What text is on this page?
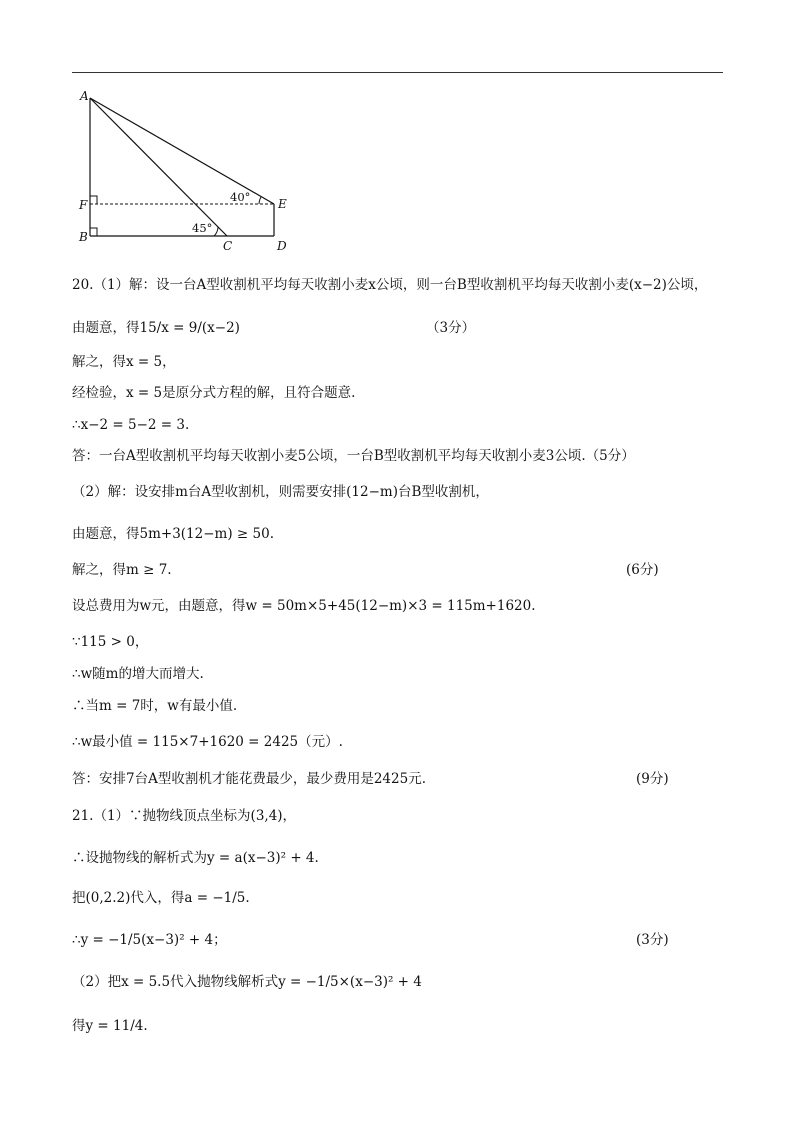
A
F
B
C	D
E
40°
45°
20.（1）解：设一台A型收割机平均每天收割小麦x公顷，则一台B型收割机平均每天收割小麦(x−2)公顷，
由题意，得15/x = 9/(x−2)	（3分）
解之，得x = 5，
经检验，x = 5是原分式方程的解，且符合题意.
∴x−2 = 5−2 = 3.
答：一台A型收割机平均每天收割小麦5公顷，一台B型收割机平均每天收割小麦3公顷.（5分）
（2）解：设安排m台A型收割机，则需要安排(12−m)台B型收割机，
由题意，得5m+3(12−m) ≥ 50.
解之，得m ≥ 7.	(6分)
设总费用为w元，由题意，得w = 50m×5+45(12−m)×3 = 115m+1620.
∵115 > 0，
∴w随m的增大而增大.
∴当m = 7时，w有最小值.
∴w最小值 = 115×7+1620 = 2425（元）.
答：安排7台A型收割机才能花费最少，最少费用是2425元.	(9分)
21.（1）∵抛物线顶点坐标为(3,4)，
∴设抛物线的解析式为y = a(x−3)² + 4.
把(0,2.2)代入，得a = −1/5.
∴y = −1/5(x−3)² + 4；	(3分)
（2）把x = 5.5代入抛物线解析式y = −1/5×(x−3)² + 4
得y = 11/4.
